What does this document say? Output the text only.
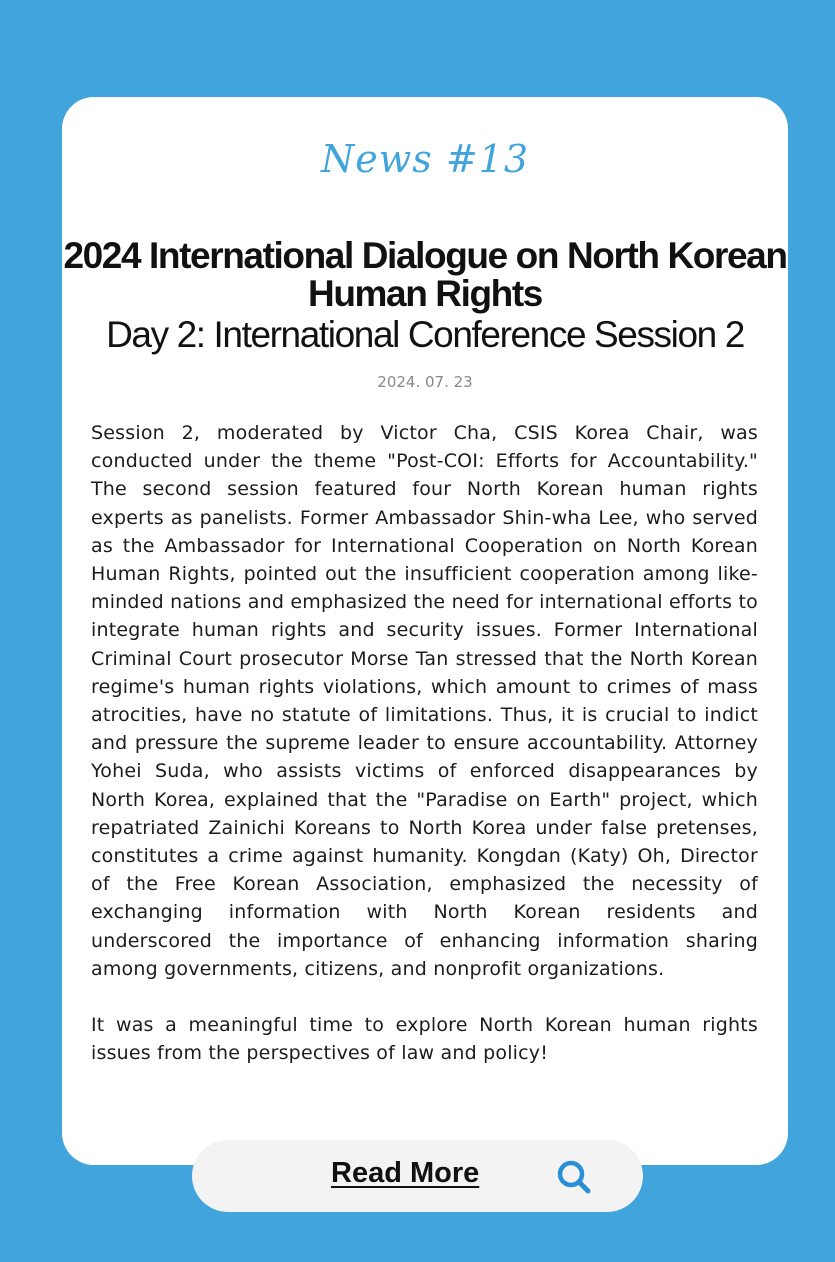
News #13

2024 International Dialogue on North Korean Human Rights

Day 2: International Conference Session 2

2024. 07. 23

Session 2, moderated by Victor Cha, CSIS Korea Chair, was conducted under the theme "Post-COI: Efforts for Accountability." The second session featured four North Korean human rights experts as panelists. Former Ambassador Shin-wha Lee, who served as the Ambassador for International Cooperation on North Korean Human Rights, pointed out the insufficient cooperation among like-minded nations and emphasized the need for international efforts to integrate human rights and security issues. Former International Criminal Court prosecutor Morse Tan stressed that the North Korean regime's human rights violations, which amount to crimes of mass atrocities, have no statute of limitations. Thus, it is crucial to indict and pressure the supreme leader to ensure accountability. Attorney Yohei Suda, who assists victims of enforced disappearances by North Korea, explained that the "Paradise on Earth" project, which repatriated Zainichi Koreans to North Korea under false pretenses, constitutes a crime against humanity. Kongdan (Katy) Oh, Director of the Free Korean Association, emphasized the necessity of exchanging information with North Korean residents and underscored the importance of enhancing information sharing among governments, citizens, and nonprofit organizations.

It was a meaningful time to explore North Korean human rights issues from the perspectives of law and policy!

Read More
